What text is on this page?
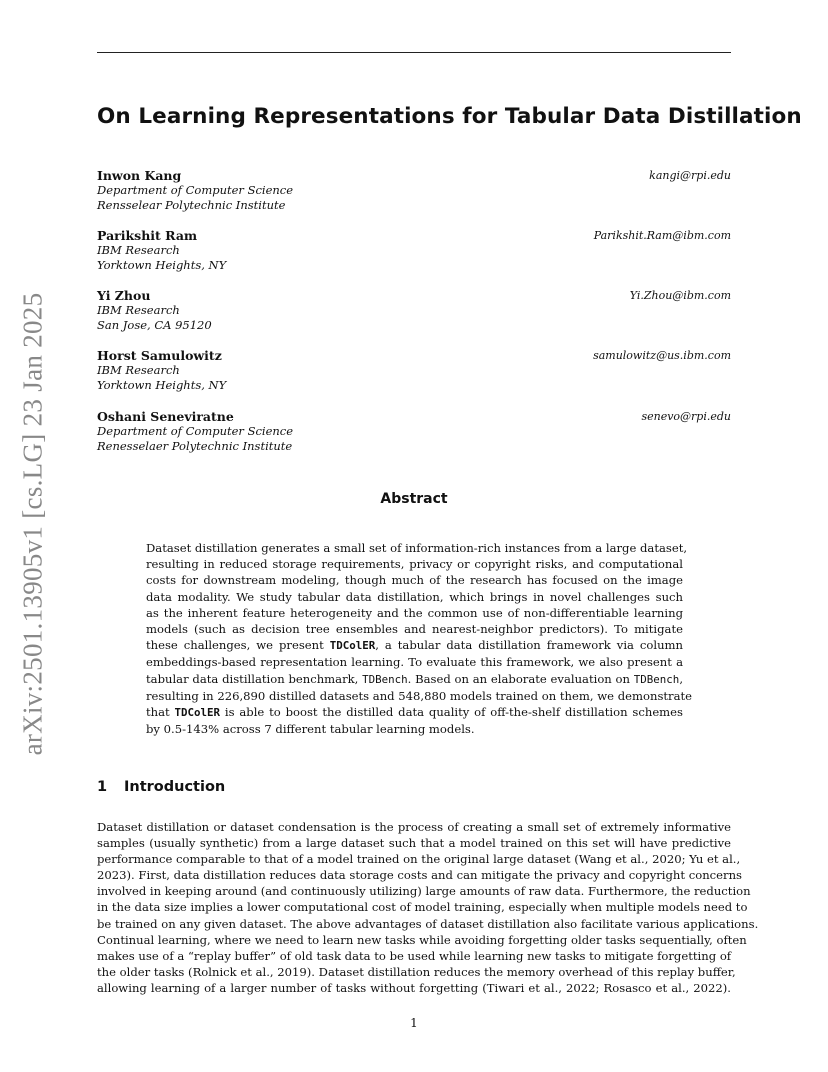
arXiv:2501.13905v1 [cs.LG] 23 Jan 2025
On Learning Representations for Tabular Data Distillation
Inwon Kang
Department of Computer Science
Rensselear Polytechnic Institute
kangi@rpi.edu
Parikshit Ram
IBM Research
Yorktown Heights, NY
Parikshit.Ram@ibm.com
Yi Zhou
IBM Research
San Jose, CA 95120
Yi.Zhou@ibm.com
Horst Samulowitz
IBM Research
Yorktown Heights, NY
samulowitz@us.ibm.com
Oshani Seneviratne
Department of Computer Science
Renesselaer Polytechnic Institute
senevo@rpi.edu
Abstract
Dataset distillation generates a small set of information-rich instances from a large dataset,
resulting in reduced storage requirements, privacy or copyright risks, and computational
costs for downstream modeling, though much of the research has focused on the image
data modality. We study tabular data distillation, which brings in novel challenges such
as the inherent feature heterogeneity and the common use of non-differentiable learning
models (such as decision tree ensembles and nearest-neighbor predictors). To mitigate
these challenges, we present TDColER, a tabular data distillation framework via column
embeddings-based representation learning. To evaluate this framework, we also present a
tabular data distillation benchmark, TDBench. Based on an elaborate evaluation on TDBench,
resulting in 226,890 distilled datasets and 548,880 models trained on them, we demonstrate
that TDColER is able to boost the distilled data quality of off-the-shelf distillation schemes
by 0.5-143% across 7 different tabular learning models.
1 Introduction
Dataset distillation or dataset condensation is the process of creating a small set of extremely informative
samples (usually synthetic) from a large dataset such that a model trained on this set will have predictive
performance comparable to that of a model trained on the original large dataset (Wang et al., 2020; Yu et al.,
2023). First, data distillation reduces data storage costs and can mitigate the privacy and copyright concerns
involved in keeping around (and continuously utilizing) large amounts of raw data. Furthermore, the reduction
in the data size implies a lower computational cost of model training, especially when multiple models need to
be trained on any given dataset. The above advantages of dataset distillation also facilitate various applications.
Continual learning, where we need to learn new tasks while avoiding forgetting older tasks sequentially, often
makes use of a “replay buffer” of old task data to be used while learning new tasks to mitigate forgetting of
the older tasks (Rolnick et al., 2019). Dataset distillation reduces the memory overhead of this replay buffer,
allowing learning of a larger number of tasks without forgetting (Tiwari et al., 2022; Rosasco et al., 2022).
1
